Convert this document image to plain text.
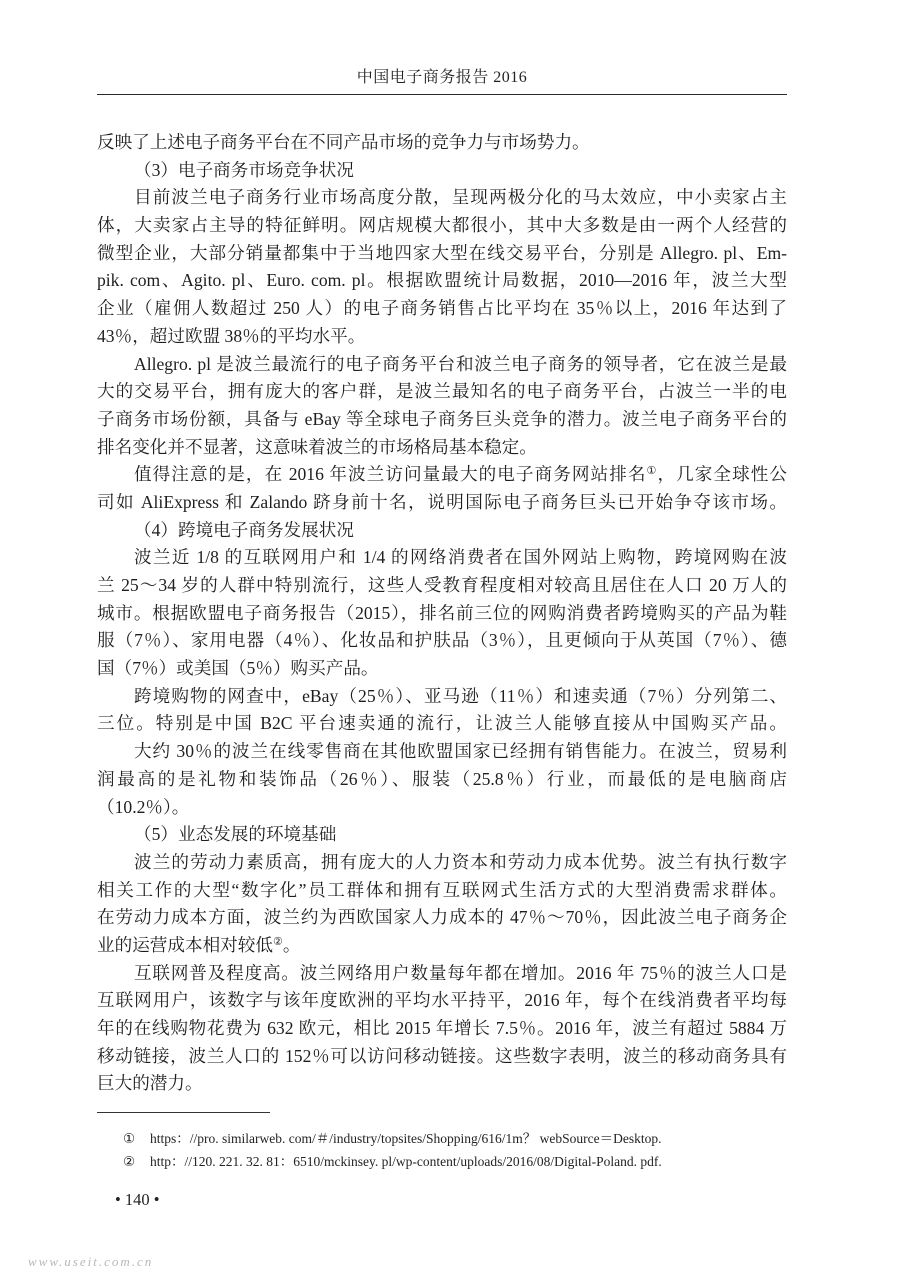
中国电子商务报告 2016
反映了上述电子商务平台在不同产品市场的竞争力与市场势力。
（3）电子商务市场竞争状况
目前波兰电子商务行业市场高度分散，呈现两极分化的马太效应，中小卖家占主
体，大卖家占主导的特征鲜明。网店规模大都很小，其中大多数是由一两个人经营的
微型企业，大部分销量都集中于当地四家大型在线交易平台，分别是 Allegro. pl、Em-
pik. com、Agito. pl、Euro. com. pl。根据欧盟统计局数据，2010—2016 年，波兰大型
企业（雇佣人数超过 250 人）的电子商务销售占比平均在 35％以上，2016 年达到了
43％，超过欧盟 38％的平均水平。
Allegro. pl 是波兰最流行的电子商务平台和波兰电子商务的领导者，它在波兰是最
大的交易平台，拥有庞大的客户群，是波兰最知名的电子商务平台，占波兰一半的电
子商务市场份额，具备与 eBay 等全球电子商务巨头竞争的潜力。波兰电子商务平台的
排名变化并不显著，这意味着波兰的市场格局基本稳定。
值得注意的是，在 2016 年波兰访问量最大的电子商务网站排名①，几家全球性公
司如 AliExpress 和 Zalando 跻身前十名，说明国际电子商务巨头已开始争夺该市场。
（4）跨境电子商务发展状况
波兰近 1/8 的互联网用户和 1/4 的网络消费者在国外网站上购物，跨境网购在波
兰 25～34 岁的人群中特别流行，这些人受教育程度相对较高且居住在人口 20 万人的
城市。根据欧盟电子商务报告（2015），排名前三位的网购消费者跨境购买的产品为鞋
服（7％）、家用电器（4％）、化妆品和护肤品（3％），且更倾向于从英国（7％）、德
国（7％）或美国（5％）购买产品。
跨境购物的网查中，eBay（25％）、亚马逊（11％）和速卖通（7％）分列第二、
三位。特别是中国 B2C 平台速卖通的流行，让波兰人能够直接从中国购买产品。
大约 30％的波兰在线零售商在其他欧盟国家已经拥有销售能力。在波兰，贸易利
润最高的是礼物和装饰品（26％）、服装（25.8％）行业，而最低的是电脑商店
（10.2％）。
（5）业态发展的环境基础
波兰的劳动力素质高，拥有庞大的人力资本和劳动力成本优势。波兰有执行数字
相关工作的大型“数字化”员工群体和拥有互联网式生活方式的大型消费需求群体。
在劳动力成本方面，波兰约为西欧国家人力成本的 47％～70％，因此波兰电子商务企
业的运营成本相对较低②。
互联网普及程度高。波兰网络用户数量每年都在增加。2016 年 75％的波兰人口是
互联网用户，该数字与该年度欧洲的平均水平持平，2016 年，每个在线消费者平均每
年的在线购物花费为 632 欧元，相比 2015 年增长 7.5％。2016 年，波兰有超过 5884 万
移动链接，波兰人口的 152％可以访问移动链接。这些数字表明，波兰的移动商务具有
巨大的潜力。
① https：//pro. similarweb. com/＃/industry/topsites/Shopping/616/1m？ webSource＝Desktop.
② http：//120. 221. 32. 81：6510/mckinsey. pl/wp-content/uploads/2016/08/Digital-Poland. pdf.
• 140 •
www.useit.com.cn
